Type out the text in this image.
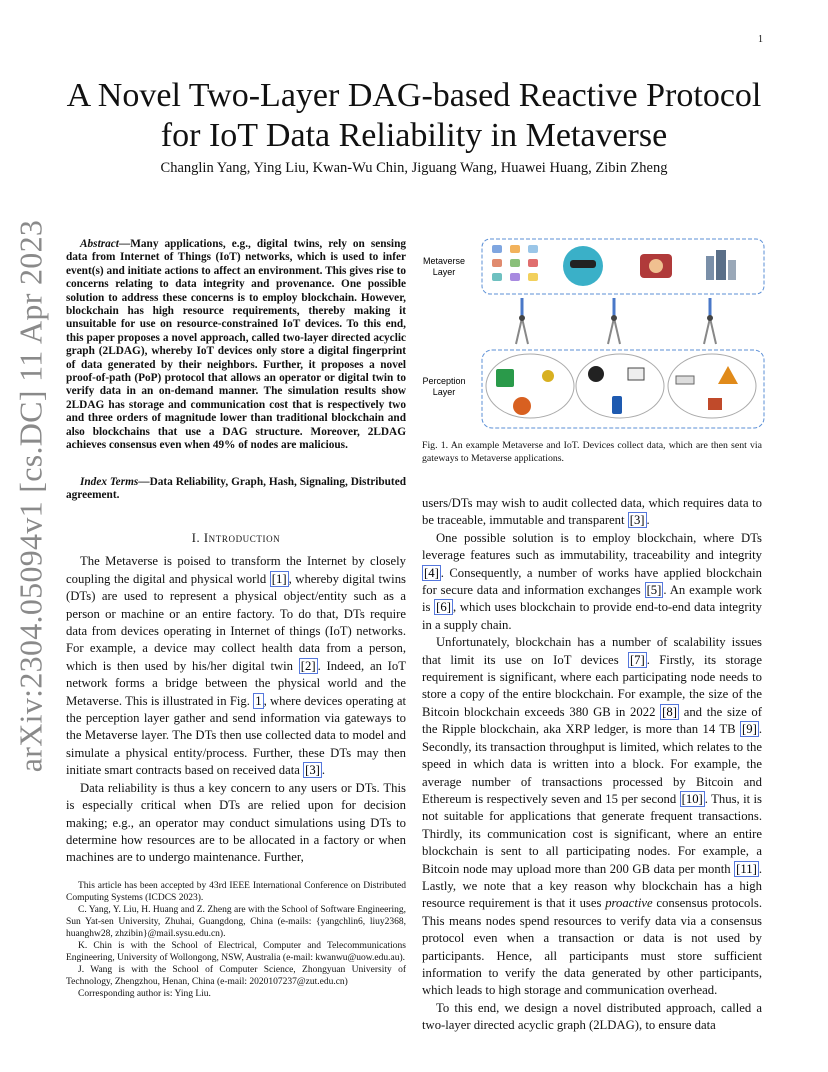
1
arXiv:2304.05094v1 [cs.DC] 11 Apr 2023
A Novel Two-Layer DAG-based Reactive Protocol for IoT Data Reliability in Metaverse
Changlin Yang, Ying Liu, Kwan-Wu Chin, Jiguang Wang, Huawei Huang, Zibin Zheng
Abstract—Many applications, e.g., digital twins, rely on sensing data from Internet of Things (IoT) networks, which is used to infer event(s) and initiate actions to affect an environment. This gives rise to concerns relating to data integrity and provenance. One possible solution to address these concerns is to employ blockchain. However, blockchain has high resource requirements, thereby making it unsuitable for use on resource-constrained IoT devices. To this end, this paper proposes a novel approach, called two-layer directed acyclic graph (2LDAG), whereby IoT devices only store a digital fingerprint of data generated by their neighbors. Further, it proposes a novel proof-of-path (PoP) protocol that allows an operator or digital twin to verify data in an on-demand manner. The simulation results show 2LDAG has storage and communication cost that is respectively two and three orders of magnitude lower than traditional blockchain and also blockchains that use a DAG structure. Moreover, 2LDAG achieves consensus even when 49% of nodes are malicious.
Index Terms—Data Reliability, Graph, Hash, Signaling, Distributed agreement.

I. Introduction

The Metaverse is poised to transform the Internet by closely coupling the digital and physical world [1] , whereby digital twins (DTs) are used to represent a physical object/entity such as a person or machine or an entire factory. To do that, DTs require data from devices operating in Internet of things (IoT) networks. For example, a device may collect health data from a person, which is then used by his/her digital twin [2] . Indeed, an IoT network forms a bridge between the physical world and the Metaverse. This is illustrated in Fig. 1 , where devices operating at the perception layer gather and send information via gateways to the Metaverse layer. The DTs then use collected data to model and simulate a physical entity/process. Further, these DTs may then initiate smart contracts based on received data [3] .

Data reliability is thus a key concern to any users or DTs. This is especially critical when DTs are relied upon for decision making; e.g., an operator may conduct simulations using DTs to determine how resources are to be allocated in a factory or when machines are to undergo maintenance. Further,

This article has been accepted by 43rd IEEE International Conference on Distributed Computing Systems (ICDCS 2023).

C. Yang, Y. Liu, H. Huang and Z. Zheng are with the School of Software Engineering, Sun Yat-sen University, Zhuhai, Guangdong, China (e-mails: {yangchlin6, liuy2368, huanghw28, zhzibin}@mail.sysu.edu.cn).

K. Chin is with the School of Electrical, Computer and Telecommunications Engineering, University of Wollongong, NSW, Australia (e-mail: kwanwu@uow.edu.au).

J. Wang is with the School of Computer Science, Zhongyuan University of Technology, Zhengzhou, Henan, China (e-mail: 2020107237@zut.edu.cn)

Corresponding author is: Ying Liu.

Metaverse Layer
Perception Layer
Fig. 1. An example Metaverse and IoT. Devices collect data, which are then sent via gateways to Metaverse applications.

users/DTs may wish to audit collected data, which requires data to be traceable, immutable and transparent [3] .

One possible solution is to employ blockchain, where DTs leverage features such as immutability, traceability and integrity [4] . Consequently, a number of works have applied blockchain for secure data and information exchanges [5] . An example work is [6] , which uses blockchain to provide end-to-end data integrity in a supply chain.

Unfortunately, blockchain has a number of scalability issues that limit its use on IoT devices [7] . Firstly, its storage requirement is significant, where each participating node needs to store a copy of the entire blockchain. For example, the size of the Bitcoin blockchain exceeds 380 GB in 2022 [8] and the size of the Ripple blockchain, aka XRP ledger, is more than 14 TB [9] . Secondly, its transaction throughput is limited, which relates to the speed in which data is written into a block. For example, the average number of transactions processed by Bitcoin and Ethereum is respectively seven and 15 per second [10] . Thus, it is not suitable for applications that generate frequent transactions. Thirdly, its communication cost is significant, where an entire blockchain is sent to all participating nodes. For example, a Bitcoin node may upload more than 200 GB data per month [11] . Lastly, we note that a key reason why blockchain has a high resource requirement is that it uses proactive consensus protocols. This means nodes spend resources to verify data via a consensus protocol even when a transaction or data is not used by participants. Hence, all participants must store sufficient information to verify the data generated by other participants, which leads to high storage and communication overhead.

To this end, we design a novel distributed approach, called a two-layer directed acyclic graph (2LDAG), to ensure data
